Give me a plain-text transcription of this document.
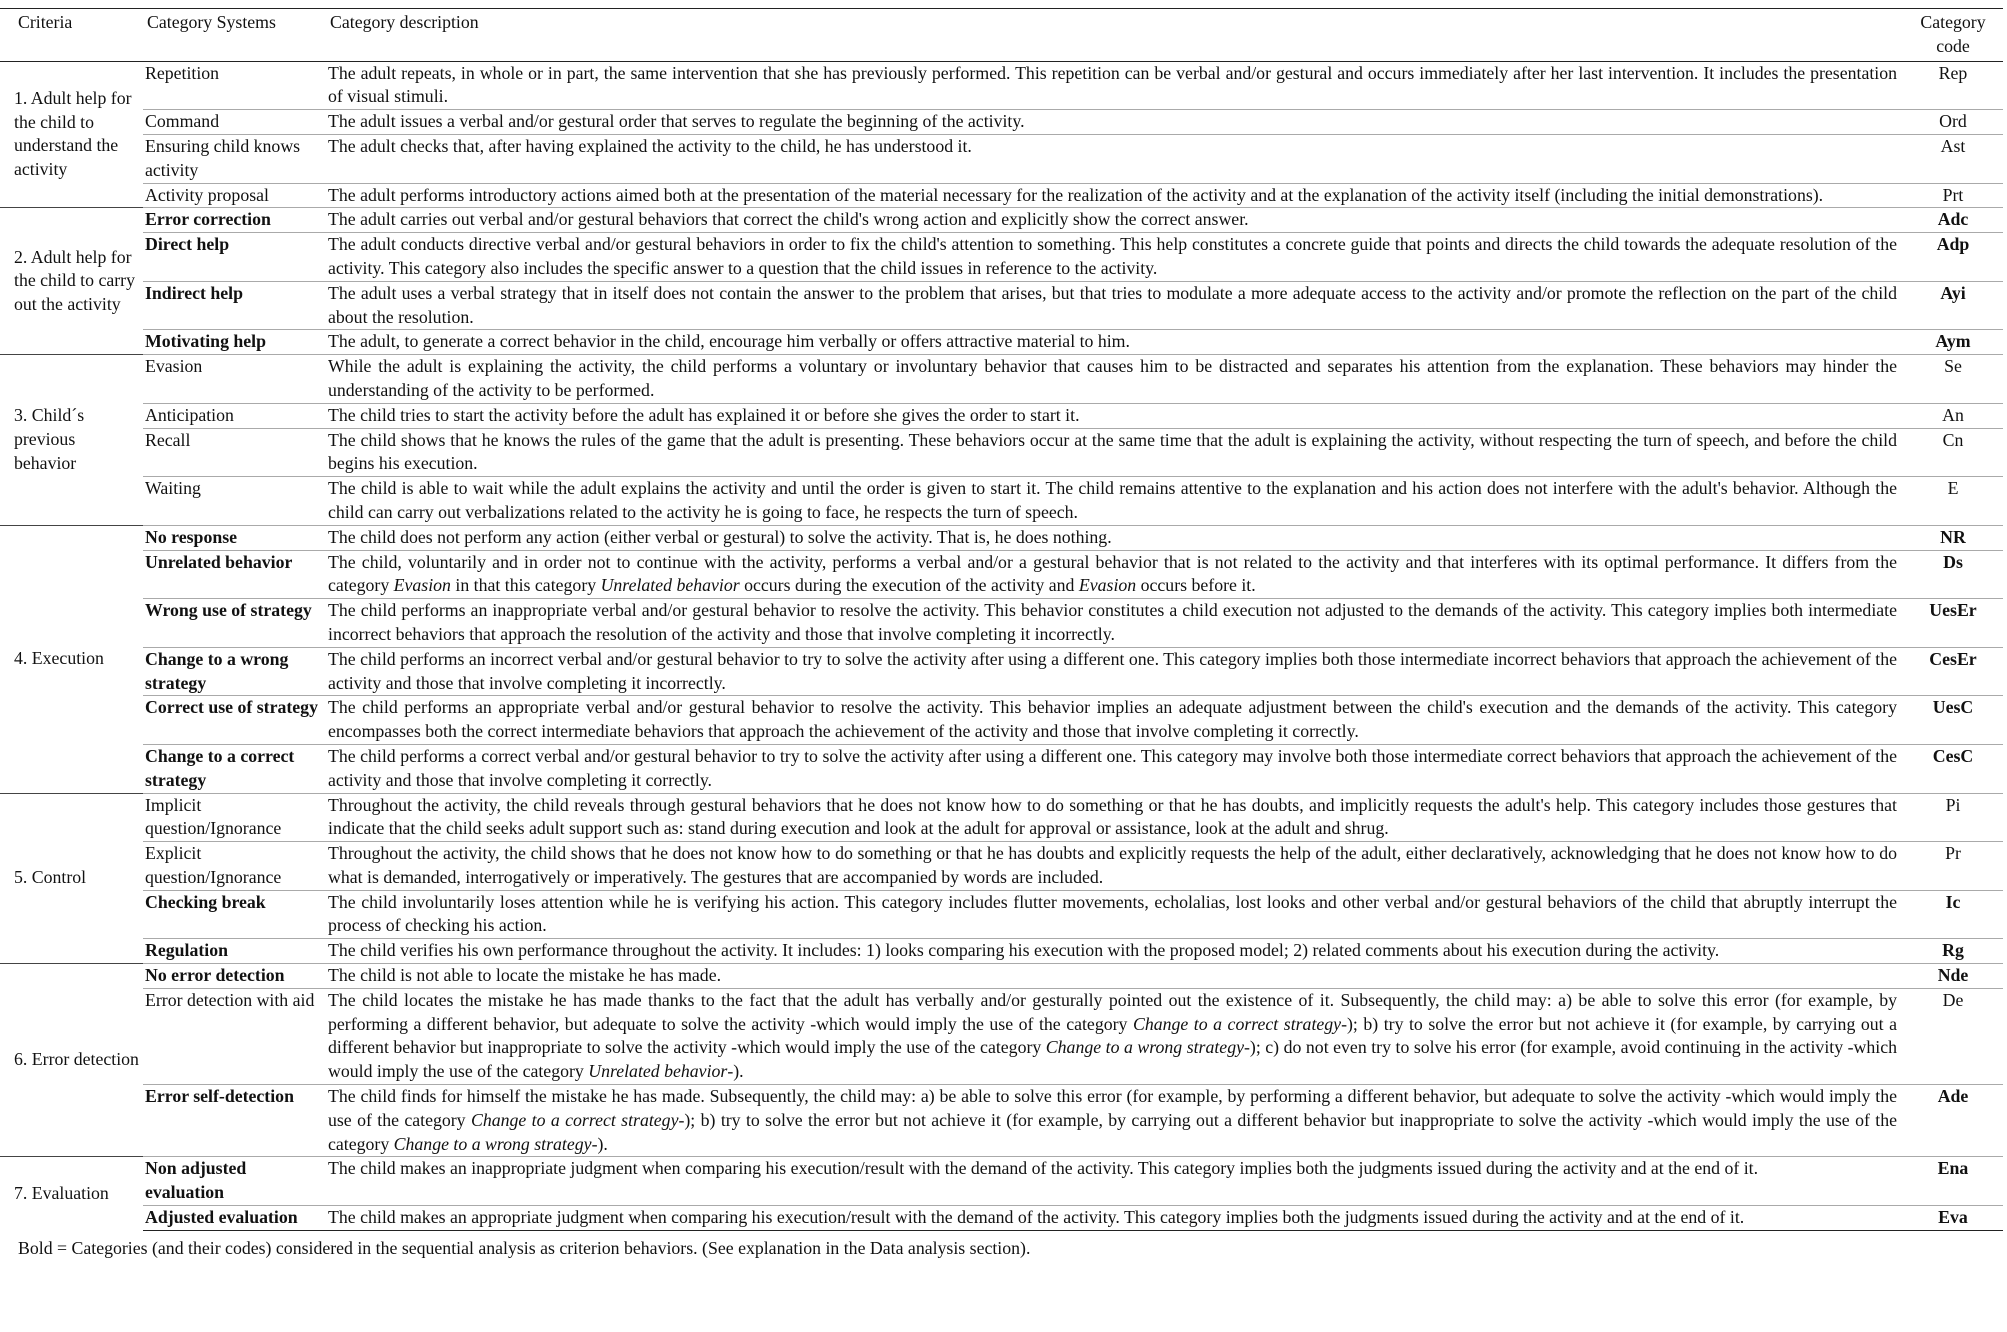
Criteria	Category Systems	Category description	Category code
1. Adult help for the child to understand the activity	Repetition	The adult repeats, in whole or in part, the same intervention that she has previously performed. This repetition can be verbal and/or gestural and occurs immediately after her last intervention. It includes the presentation of visual stimuli.	Rep
	Command	The adult issues a verbal and/or gestural order that serves to regulate the beginning of the activity.	Ord
	Ensuring child knows activity	The adult checks that, after having explained the activity to the child, he has understood it.	Ast
	Activity proposal	The adult performs introductory actions aimed both at the presentation of the material necessary for the realization of the activity and at the explanation of the activity itself (including the initial demonstrations).	Prt
2. Adult help for the child to carry out the activity	Error correction	The adult carries out verbal and/or gestural behaviors that correct the child's wrong action and explicitly show the correct answer.	Adc
	Direct help	The adult conducts directive verbal and/or gestural behaviors in order to fix the child's attention to something. This help constitutes a concrete guide that points and directs the child towards the adequate resolution of the activity. This category also includes the specific answer to a question that the child issues in reference to the activity.	Adp
	Indirect help	The adult uses a verbal strategy that in itself does not contain the answer to the problem that arises, but that tries to modulate a more adequate access to the activity and/or promote the reflection on the part of the child about the resolution.	Ayi
	Motivating help	The adult, to generate a correct behavior in the child, encourage him verbally or offers attractive material to him.	Aym
3. Child´s previous behavior	Evasion	While the adult is explaining the activity, the child performs a voluntary or involuntary behavior that causes him to be distracted and separates his attention from the explanation. These behaviors may hinder the understanding of the activity to be performed.	Se
	Anticipation	The child tries to start the activity before the adult has explained it or before she gives the order to start it.	An
	Recall	The child shows that he knows the rules of the game that the adult is presenting. These behaviors occur at the same time that the adult is explaining the activity, without respecting the turn of speech, and before the child begins his execution.	Cn
	Waiting	The child is able to wait while the adult explains the activity and until the order is given to start it. The child remains attentive to the explanation and his action does not interfere with the adult's behavior. Although the child can carry out verbalizations related to the activity he is going to face, he respects the turn of speech.	E
4. Execution	No response	The child does not perform any action (either verbal or gestural) to solve the activity. That is, he does nothing.	NR
	Unrelated behavior	The child, voluntarily and in order not to continue with the activity, performs a verbal and/or a gestural behavior that is not related to the activity and that interferes with its optimal performance. It differs from the category Evasion in that this category Unrelated behavior occurs during the execution of the activity and Evasion occurs before it.	Ds
	Wrong use of strategy	The child performs an inappropriate verbal and/or gestural behavior to resolve the activity. This behavior constitutes a child execution not adjusted to the demands of the activity. This category implies both intermediate incorrect behaviors that approach the resolution of the activity and those that involve completing it incorrectly.	UesEr
	Change to a wrong strategy	The child performs an incorrect verbal and/or gestural behavior to try to solve the activity after using a different one. This category implies both those intermediate incorrect behaviors that approach the achievement of the activity and those that involve completing it incorrectly.	CesEr
	Correct use of strategy	The child performs an appropriate verbal and/or gestural behavior to resolve the activity. This behavior implies an adequate adjustment between the child's execution and the demands of the activity. This category encompasses both the correct intermediate behaviors that approach the achievement of the activity and those that involve completing it correctly.	UesC
	Change to a correct strategy	The child performs a correct verbal and/or gestural behavior to try to solve the activity after using a different one. This category may involve both those intermediate correct behaviors that approach the achievement of the activity and those that involve completing it correctly.	CesC
5. Control	Implicit question/Ignorance	Throughout the activity, the child reveals through gestural behaviors that he does not know how to do something or that he has doubts, and implicitly requests the adult's help. This category includes those gestures that indicate that the child seeks adult support such as: stand during execution and look at the adult for approval or assistance, look at the adult and shrug.	Pi
	Explicit question/Ignorance	Throughout the activity, the child shows that he does not know how to do something or that he has doubts and explicitly requests the help of the adult, either declaratively, acknowledging that he does not know how to do what is demanded, interrogatively or imperatively. The gestures that are accompanied by words are included.	Pr
	Checking break	The child involuntarily loses attention while he is verifying his action. This category includes flutter movements, echolalias, lost looks and other verbal and/or gestural behaviors of the child that abruptly interrupt the process of checking his action.	Ic
	Regulation	The child verifies his own performance throughout the activity. It includes: 1) looks comparing his execution with the proposed model; 2) related comments about his execution during the activity.	Rg
6. Error detection	No error detection	The child is not able to locate the mistake he has made.	Nde
	Error detection with aid	The child locates the mistake he has made thanks to the fact that the adult has verbally and/or gesturally pointed out the existence of it. Subsequently, the child may: a) be able to solve this error (for example, by performing a different behavior, but adequate to solve the activity -which would imply the use of the category Change to a correct strategy-); b) try to solve the error but not achieve it (for example, by carrying out a different behavior but inappropriate to solve the activity -which would imply the use of the category Change to a wrong strategy-); c) do not even try to solve his error (for example, avoid continuing in the activity -which would imply the use of the category Unrelated behavior-).	De
	Error self-detection	The child finds for himself the mistake he has made. Subsequently, the child may: a) be able to solve this error (for example, by performing a different behavior, but adequate to solve the activity -which would imply the use of the category Change to a correct strategy-); b) try to solve the error but not achieve it (for example, by carrying out a different behavior but inappropriate to solve the activity -which would imply the use of the category Change to a wrong strategy-).	Ade
7. Evaluation	Non adjusted evaluation	The child makes an inappropriate judgment when comparing his execution/result with the demand of the activity. This category implies both the judgments issued during the activity and at the end of it.	Ena
	Adjusted evaluation	The child makes an appropriate judgment when comparing his execution/result with the demand of the activity. This category implies both the judgments issued during the activity and at the end of it.	Eva
Bold = Categories (and their codes) considered in the sequential analysis as criterion behaviors. (See explanation in the Data analysis section).
